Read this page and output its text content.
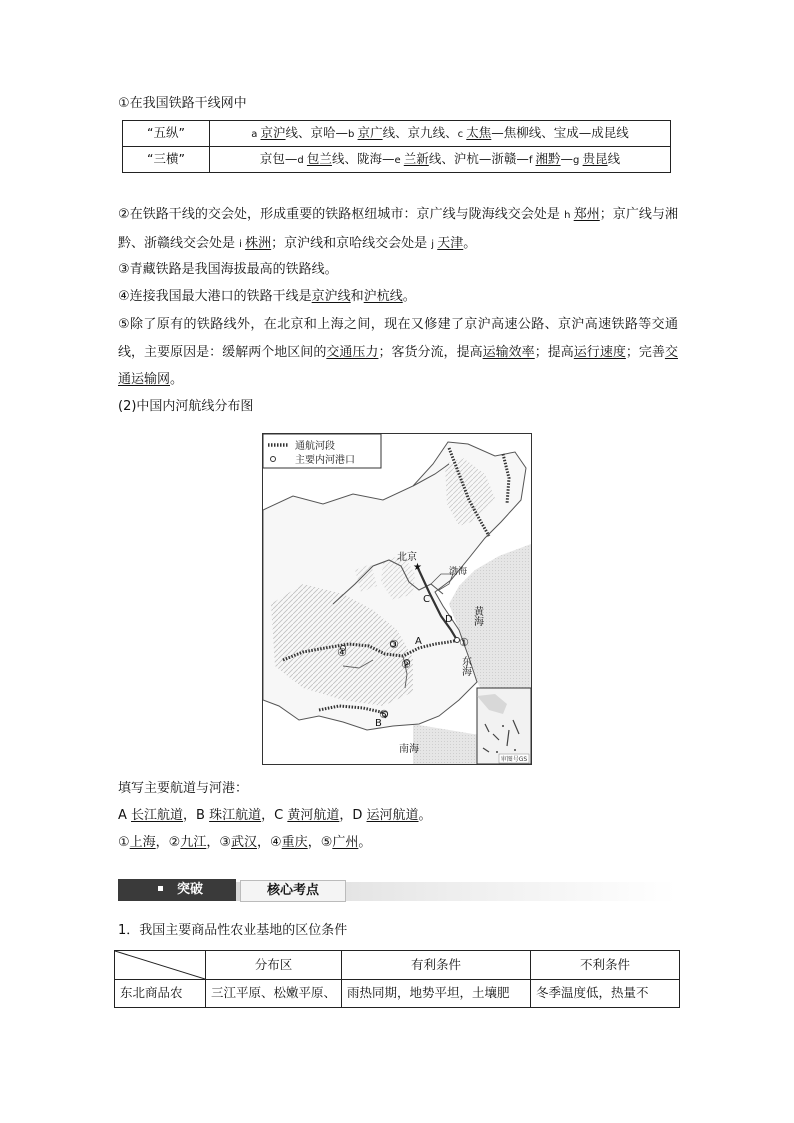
①在我国铁路干线网中
“五纵”	a 京沪线、京哈—b 京广线、京九线、c 太焦—焦柳线、宝成—成昆线
“三横”	京包—d 包兰线、陇海—e 兰新线、沪杭—浙赣—f 湘黔—g 贵昆线
②在铁路干线的交会处，形成重要的铁路枢纽城市：京广线与陇海线交会处是 h 郑州；京广线与湘黔、浙赣线交会处是 i 株洲；京沪线和京哈线交会处是 j 天津。
③青藏铁路是我国海拔最高的铁路线。
④连接我国最大港口的铁路干线是京沪线和沪杭线。
⑤除了原有的铁路线外，在北京和上海之间，现在又修建了京沪高速公路、京沪高速铁路等交通线，主要原因是：缓解两个地区间的交通压力；客货分流，提高运输效率；提高运行速度；完善交通运输网。
(2)中国内河航线分布图
审图号GS
通航河段
主要内河港口
北京
★	渤海
黄海
东海
南海
A
B
C
D
①
②
③
④
⑤
填写主要航道与河港：
A 长江航道，B 珠江航道，C 黄河航道，D 运河航道。
①上海，②九江，③武汉，④重庆，⑤广州。
突破	核心考点
1．我国主要商品性农业基地的区位条件
	分布区	有利条件	不利条件
东北商品农	三江平原、松嫩平原、	雨热同期，地势平坦，土壤肥	冬季温度低，热量不
